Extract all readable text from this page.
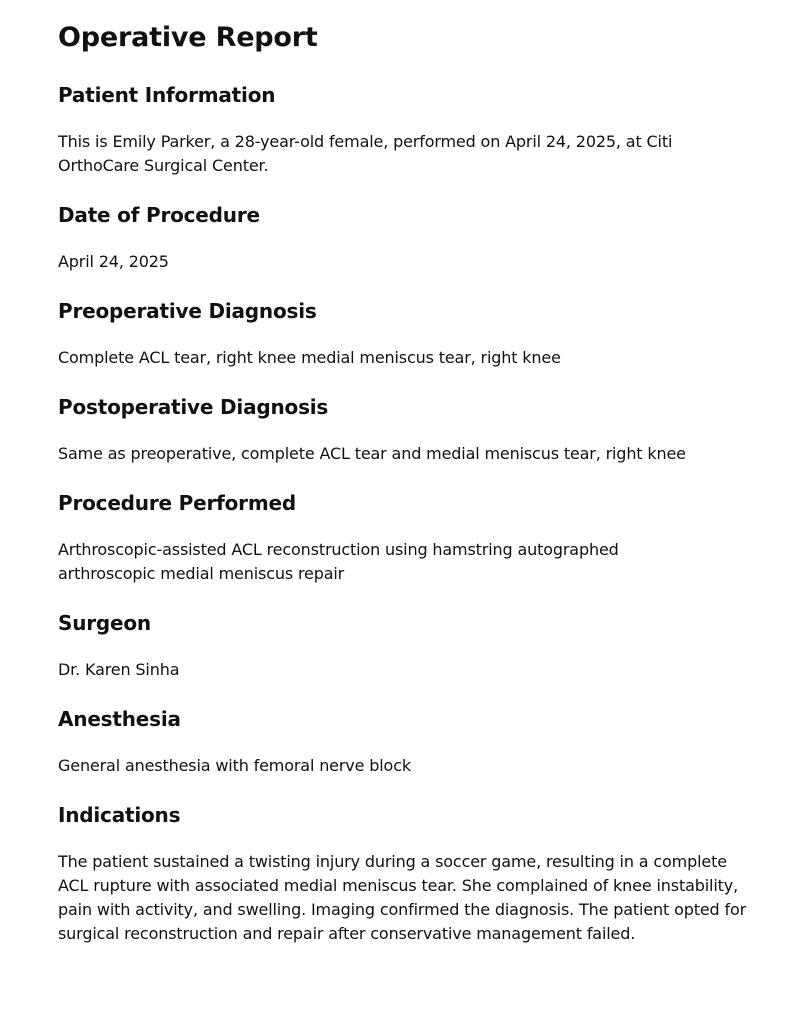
Operative Report
Patient Information

This is Emily Parker, a 28-year-old female, performed on April 24, 2025, at Citi OrthoCare Surgical Center.

Date of Procedure

April 24, 2025

Preoperative Diagnosis

Complete ACL tear, right knee medial meniscus tear, right knee

Postoperative Diagnosis

Same as preoperative, complete ACL tear and medial meniscus tear, right knee

Procedure Performed

Arthroscopic-assisted ACL reconstruction using hamstring autographed arthroscopic medial meniscus repair

Surgeon

Dr. Karen Sinha

Anesthesia

General anesthesia with femoral nerve block

Indications

The patient sustained a twisting injury during a soccer game, resulting in a complete ACL rupture with associated medial meniscus tear. She complained of knee instability, pain with activity, and swelling. Imaging confirmed the diagnosis. The patient opted for surgical reconstruction and repair after conservative management failed.
